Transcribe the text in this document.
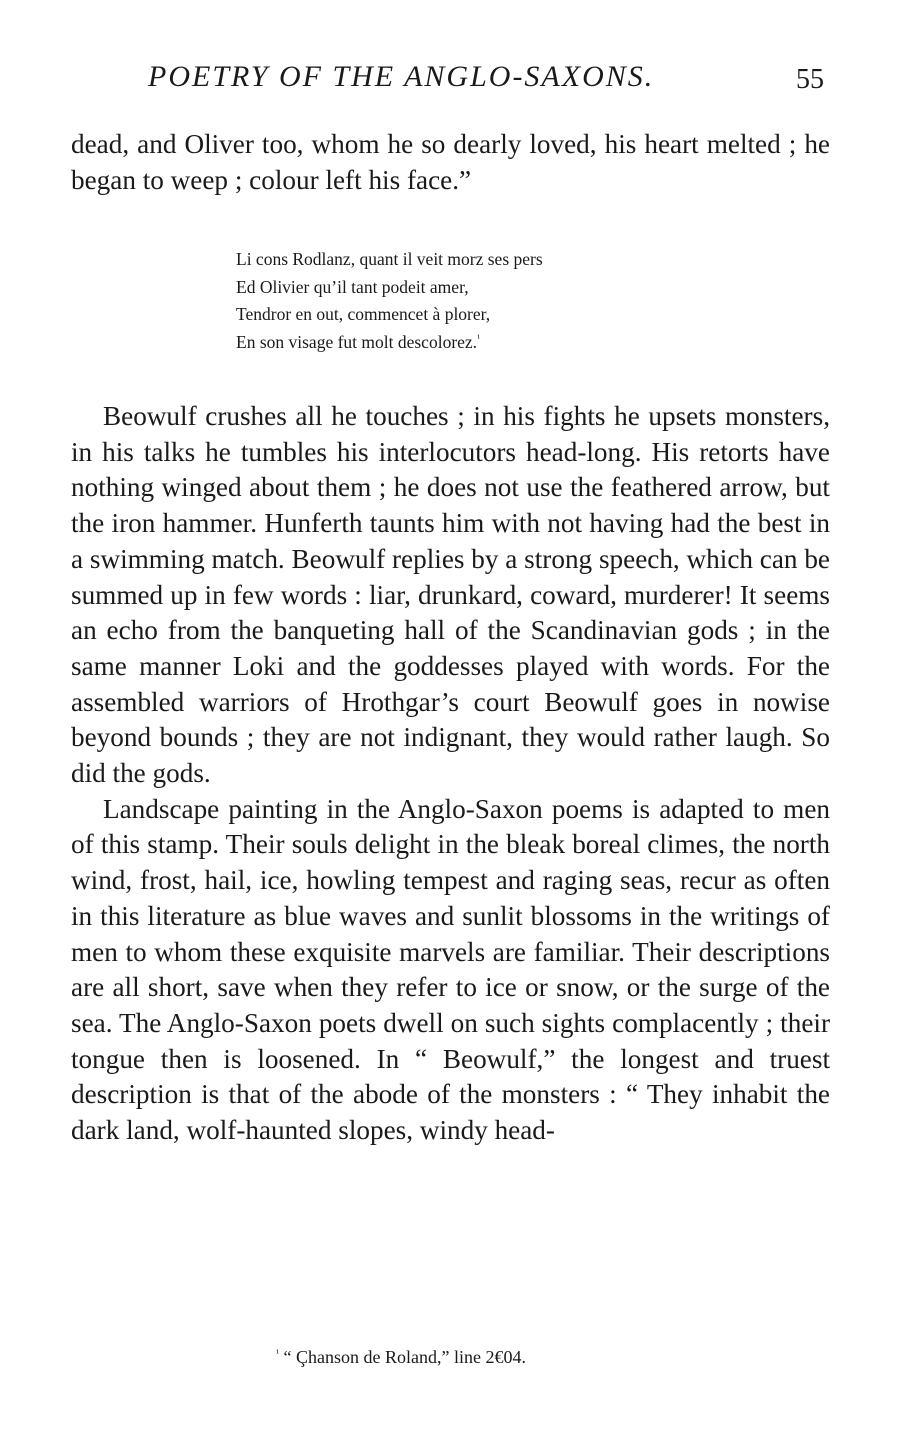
POETRY OF THE ANGLO-SAXONS.	55

dead, and Oliver too, whom he so dearly loved, his heart melted ; he began to weep ; colour left his face.”

Li cons Rodlanz, quant il veit morz ses pers
Ed Olivier qu’il tant podeit amer,
Tendror en out, commencet à plorer,
En son visage fut molt descolorez.$^{^1}$

Beowulf crushes all he touches ; in his fights he upsets monsters, in his talks he tumbles his interlocutors head-long. His retorts have nothing winged about them ; he does not use the feathered arrow, but the iron hammer. Hunferth taunts him with not having had the best in a swimming match. Beowulf replies by a strong speech, which can be summed up in few words : liar, drunkard, coward, murderer! It seems an echo from the banqueting hall of the Scandinavian gods ; in the same manner Loki and the goddesses played with words. For the assembled warriors of Hrothgar’s court Beowulf goes in nowise beyond bounds ; they are not indignant, they would rather laugh. So did the gods.

Landscape painting in the Anglo-Saxon poems is adapted to men of this stamp. Their souls delight in the bleak boreal climes, the north wind, frost, hail, ice, howling tempest and raging seas, recur as often in this literature as blue waves and sunlit blossoms in the writings of men to whom these exquisite marvels are familiar. Their descriptions are all short, save when they refer to ice or snow, or the surge of the sea. The Anglo-Saxon poets dwell on such sights complacently ; their tongue then is loosened. In “ Beowulf,” the longest and truest description is that of the abode of the monsters : “ They inhabit the dark land, wolf-haunted slopes, windy head-

$^{^1}$ “ Çhanson de Roland,” line 2€04.
